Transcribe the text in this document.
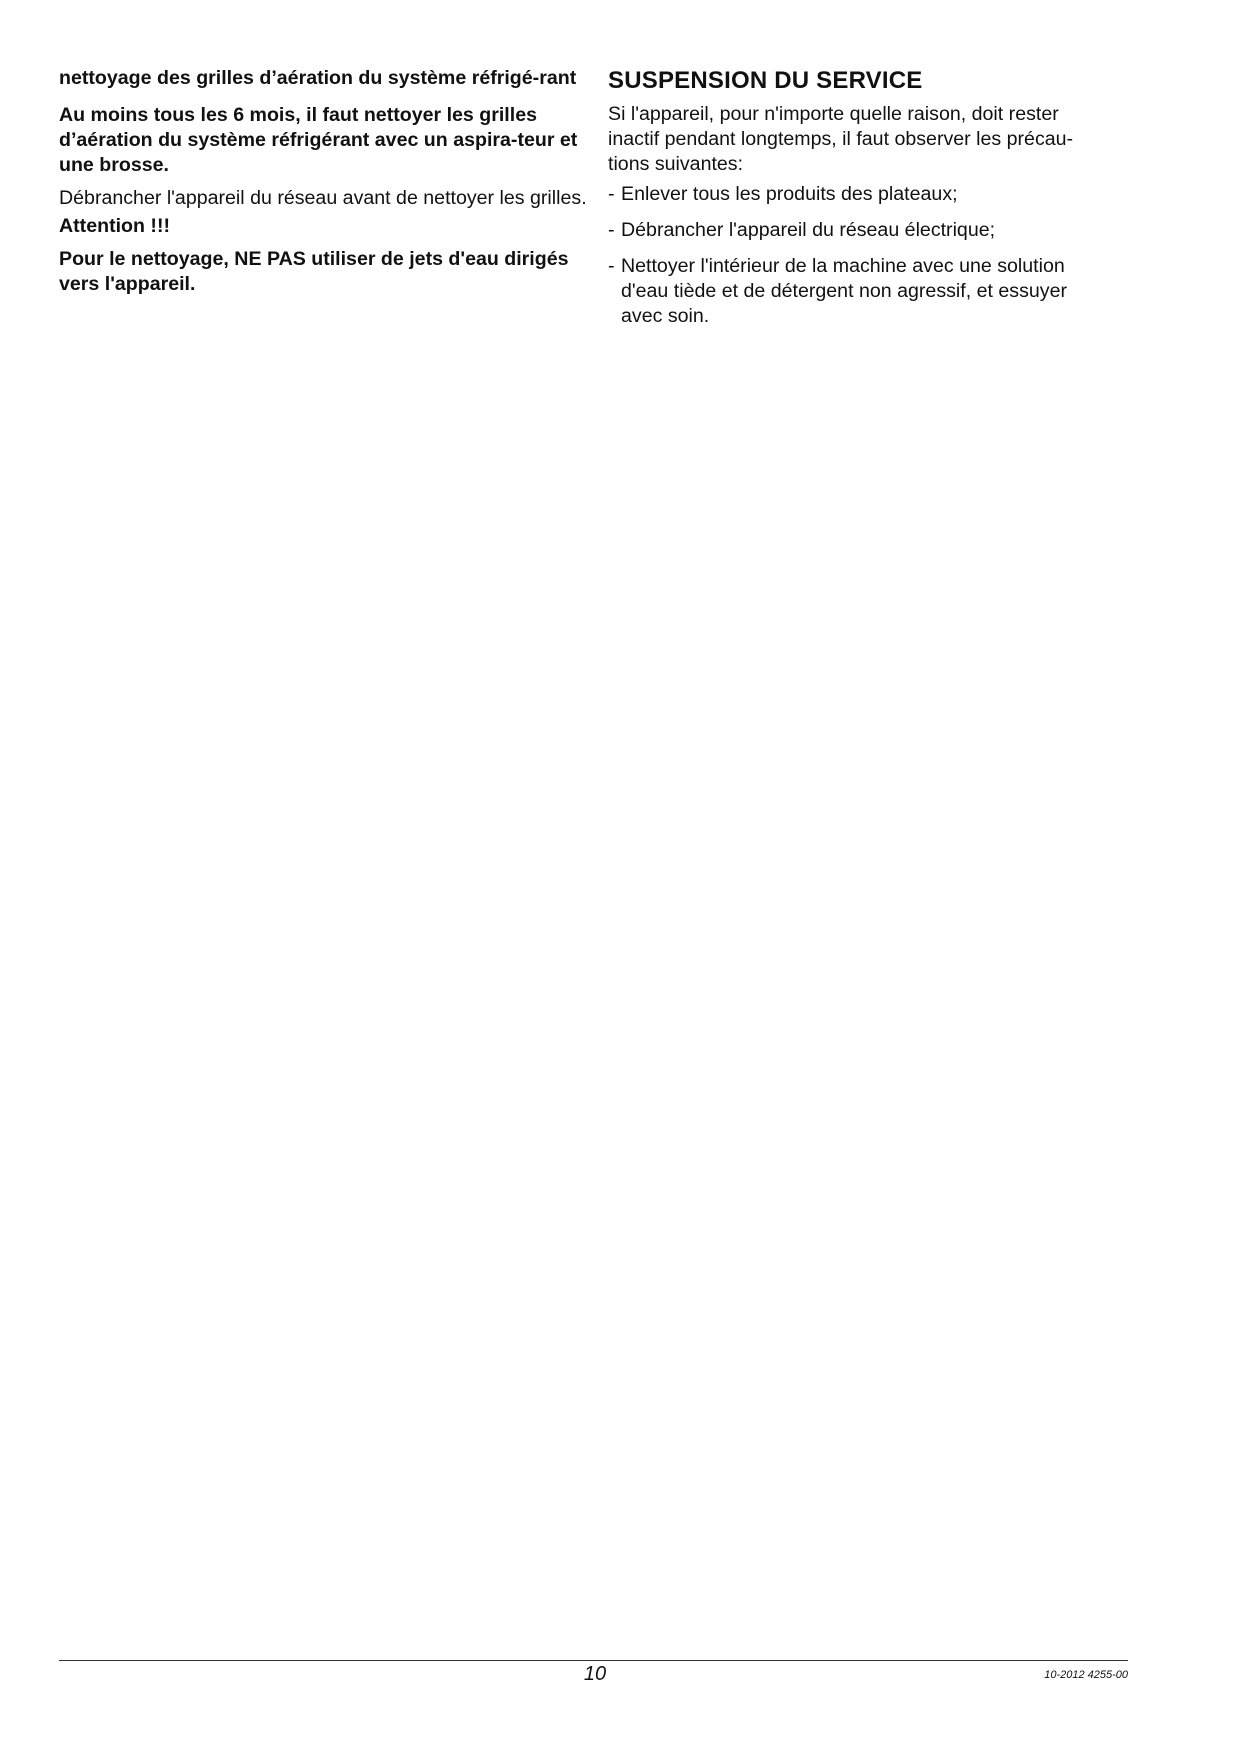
nettoyage des grilles d’aération du système réfrigé-rant

Au moins tous les 6 mois, il faut nettoyer les grilles d’aération du système réfrigérant avec un aspira-teur et une brosse.

Débrancher l'appareil du réseau avant de nettoyer les grilles.

Attention !!!

Pour le nettoyage, NE PAS utiliser de jets d'eau dirigés vers l'appareil.

SUSPENSION DU SERVICE

Si l'appareil, pour n'importe quelle raison, doit rester inactif pendant longtemps, il faut observer les précau-tions suivantes:

- Enlever tous les produits des plateaux;
- Débrancher l'appareil du réseau électrique;
- Nettoyer l'intérieur de la machine avec une solution d'eau tiède et de détergent non agressif, et essuyer avec soin.
10	10-2012 4255-00
